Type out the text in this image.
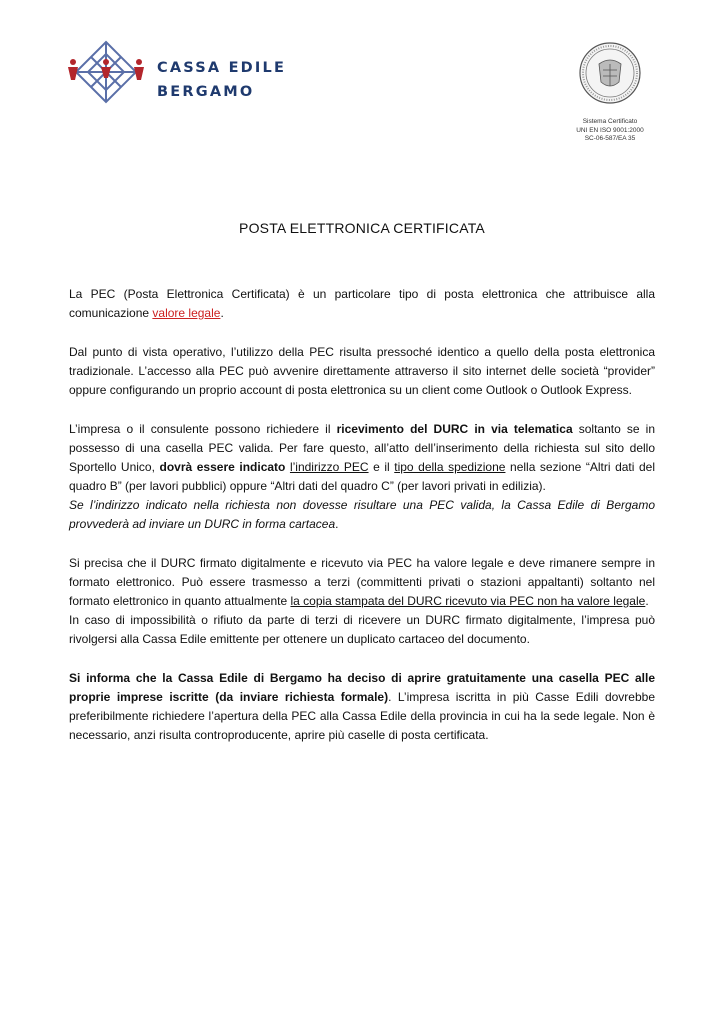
CASSA EDILE
BERGAMO
Sistema Certificato
UNI EN ISO 9001:2000
SC-06-587/EA 35
POSTA ELETTRONICA CERTIFICATA

La PEC (Posta Elettronica Certificata) è un particolare tipo di posta elettronica che attribuisce alla comunicazione valore legale.

Dal punto di vista operativo, l’utilizzo della PEC risulta pressoché identico a quello della posta elettronica tradizionale. L’accesso alla PEC può avvenire direttamente attraverso il sito internet delle società “provider” oppure configurando un proprio account di posta elettronica su un client come Outlook o Outlook Express.

L’impresa o il consulente possono richiedere il ricevimento del DURC in via telematica soltanto se in possesso di una casella PEC valida. Per fare questo, all’atto dell’inserimento della richiesta sul sito dello Sportello Unico, dovrà essere indicato l’indirizzo PEC e il tipo della spedizione nella sezione “Altri dati del quadro B” (per lavori pubblici) oppure “Altri dati del quadro C” (per lavori privati in edilizia).
Se l’indirizzo indicato nella richiesta non dovesse risultare una PEC valida, la Cassa Edile di Bergamo provvederà ad inviare un DURC in forma cartacea.

Si precisa che il DURC firmato digitalmente e ricevuto via PEC ha valore legale e deve rimanere sempre in formato elettronico. Può essere trasmesso a terzi (committenti privati o stazioni appaltanti) soltanto nel formato elettronico in quanto attualmente la copia stampata del DURC ricevuto via PEC non ha valore legale.
In caso di impossibilità o rifiuto da parte di terzi di ricevere un DURC firmato digitalmente, l’impresa può rivolgersi alla Cassa Edile emittente per ottenere un duplicato cartaceo del documento.

Si informa che la Cassa Edile di Bergamo ha deciso di aprire gratuitamente una casella PEC alle proprie imprese iscritte (da inviare richiesta formale). L’impresa iscritta in più Casse Edili dovrebbe preferibilmente richiedere l’apertura della PEC alla Cassa Edile della provincia in cui ha la sede legale. Non è necessario, anzi risulta controproducente, aprire più caselle di posta certificata.
